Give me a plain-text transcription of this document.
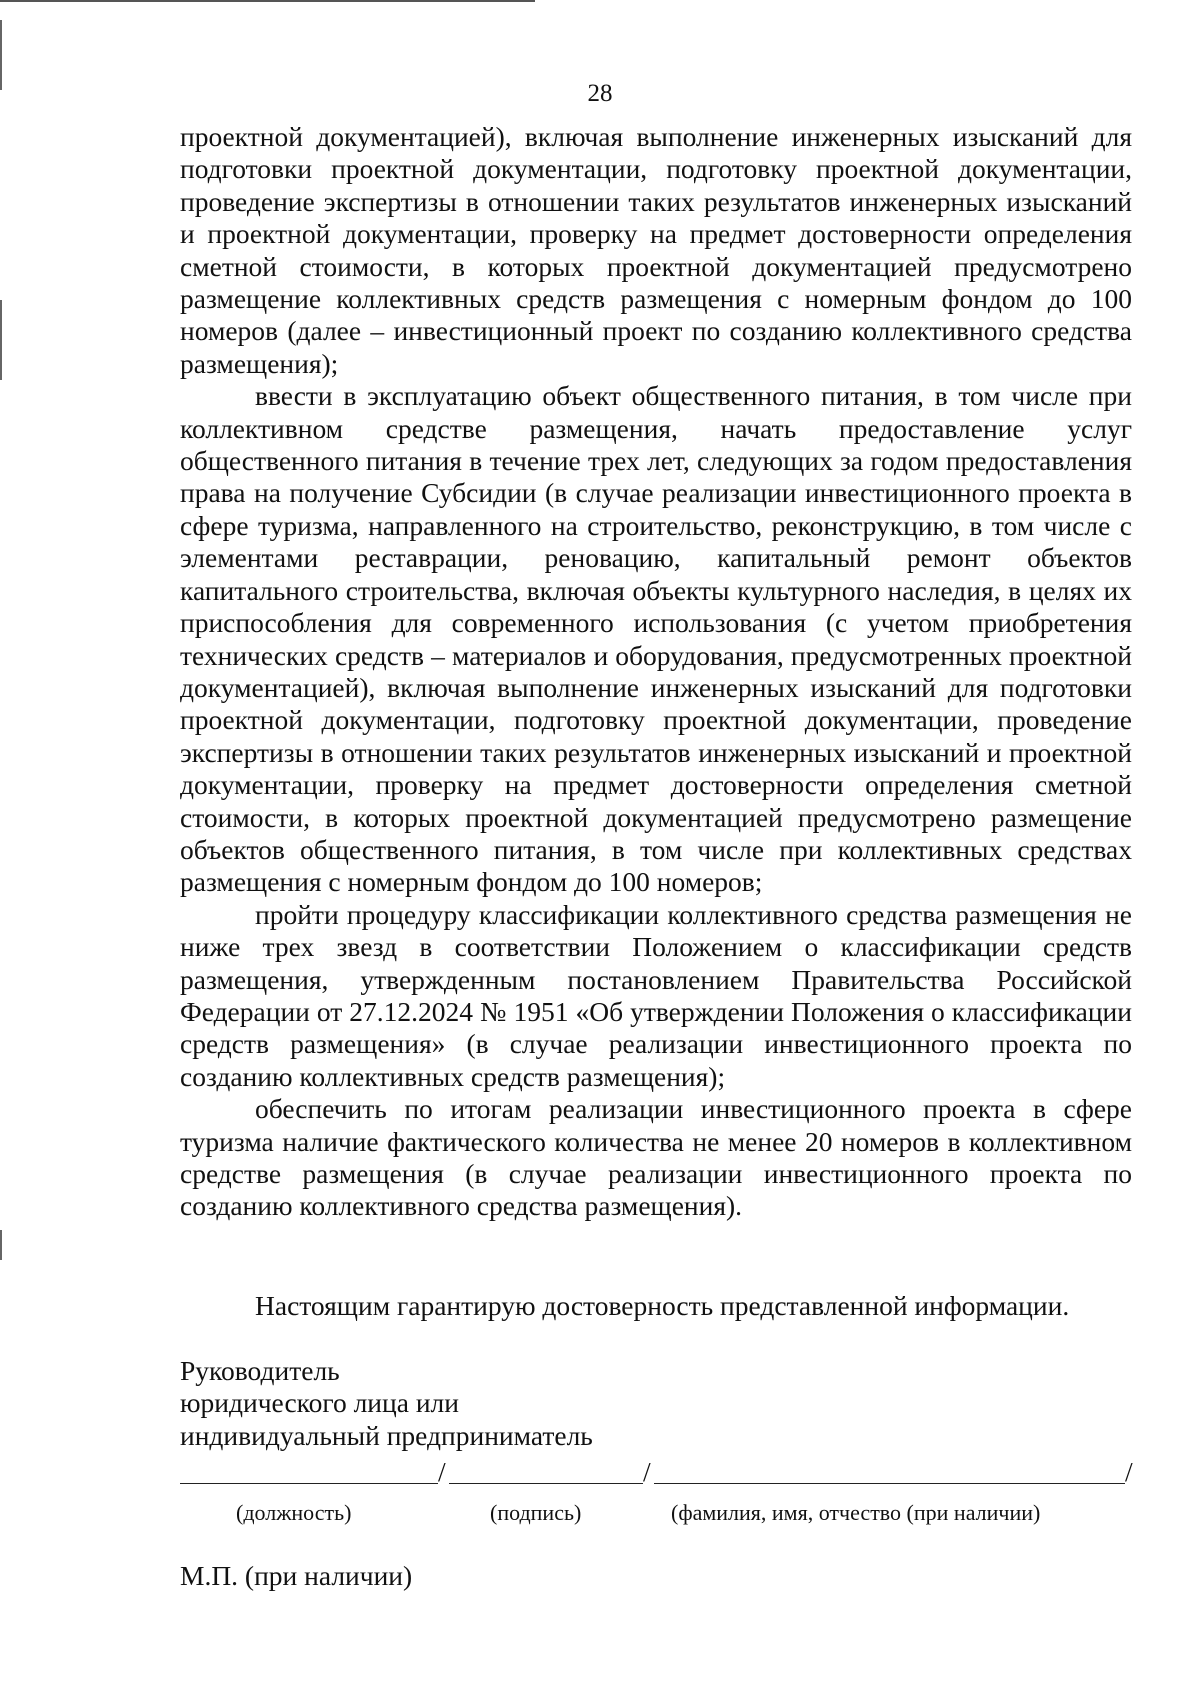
28

проектной документацией), включая выполнение инженерных изысканий для подготовки проектной документации, подготовку проектной документации, проведение экспертизы в отношении таких результатов инженерных изысканий и проектной документации, проверку на предмет достоверности определения сметной стоимости, в которых проектной документацией предусмотрено размещение коллективных средств размещения с номерным фондом до 100 номеров (далее – инвестиционный проект по созданию коллективного средства размещения);

ввести в эксплуатацию объект общественного питания, в том числе при коллективном средстве размещения, начать предоставление услуг общественного питания в течение трех лет, следующих за годом предоставления права на получение Субсидии (в случае реализации инвестиционного проекта в сфере туризма, направленного на строительство, реконструкцию, в том числе с элементами реставрации, реновацию, капитальный ремонт объектов капитального строительства, включая объекты культурного наследия, в целях их приспособления для современного использования (с учетом приобретения технических средств – материалов и оборудования, предусмотренных проектной документацией), включая выполнение инженерных изысканий для подготовки проектной документации, подготовку проектной документации, проведение экспертизы в отношении таких результатов инженерных изысканий и проектной документации, проверку на предмет достоверности определения сметной стоимости, в которых проектной документацией предусмотрено размещение объектов общественного питания, в том числе при коллективных средствах размещения с номерным фондом до 100 номеров;

пройти процедуру классификации коллективного средства размещения не ниже трех звезд в соответствии Положением о классификации средств размещения, утвержденным постановлением Правительства Российской Федерации от 27.12.2024 № 1951 «Об утверждении Положения о классификации средств размещения» (в случае реализации инвестиционного проекта по созданию коллективных средств размещения);

обеспечить по итогам реализации инвестиционного проекта в сфере туризма наличие фактического количества не менее 20 номеров в коллективном средстве размещения (в случае реализации инвестиционного проекта по созданию коллективного средства размещения).

Настоящим гарантирую достоверность представленной информации.
Руководитель
юридического лица или
индивидуальный предприниматель
/	/	/
(должность)	(подпись)	(фамилия, имя, отчество (при наличии)
М.П. (при наличии)
